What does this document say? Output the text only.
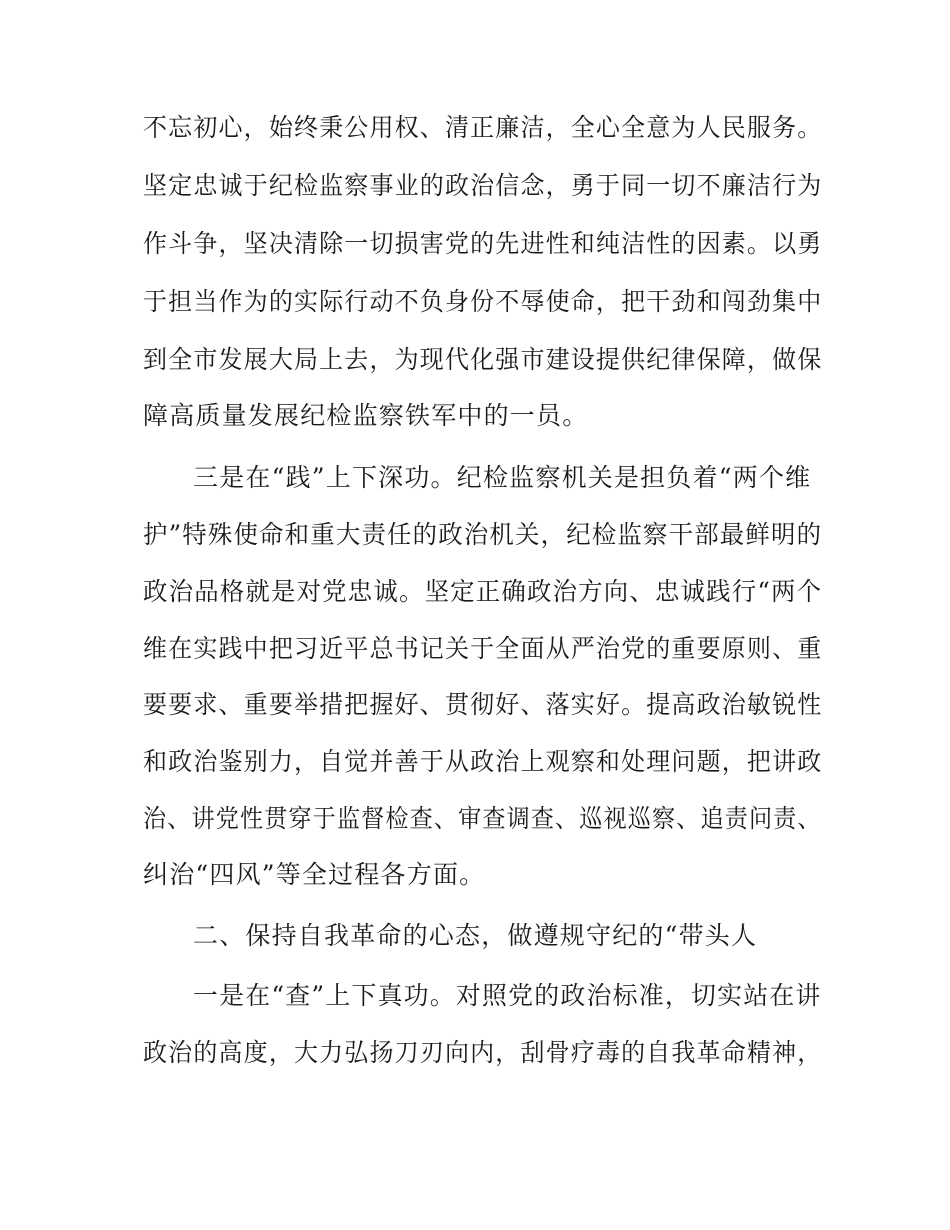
不忘初心，始终秉公用权、清正廉洁，全心全意为人民服务。

坚定忠诚于纪检监察事业的政治信念，勇于同一切不廉洁行为

作斗争，坚决清除一切损害党的先进性和纯洁性的因素。以勇

于担当作为的实际行动不负身份不辱使命，把干劲和闯劲集中

到全市发展大局上去，为现代化强市建设提供纪律保障，做保

障高质量发展纪检监察铁军中的一员。

三是在“践”上下深功。纪检监察机关是担负着“两个维

护”特殊使命和重大责任的政治机关，纪检监察干部最鲜明的

政治品格就是对党忠诚。坚定正确政治方向、忠诚践行“两个

维在实践中把习近平总书记关于全面从严治党的重要原则、重

要要求、重要举措把握好、贯彻好、落实好。提高政治敏锐性

和政治鉴别力，自觉并善于从政治上观察和处理问题，把讲政

治、讲党性贯穿于监督检查、审查调查、巡视巡察、追责问责、

纠治“四风”等全过程各方面。

二、保持自我革命的心态，做遵规守纪的“带头人

一是在“查”上下真功。对照党的政治标准，切实站在讲

政治的高度，大力弘扬刀刃向内，刮骨疗毒的自我革命精神，
